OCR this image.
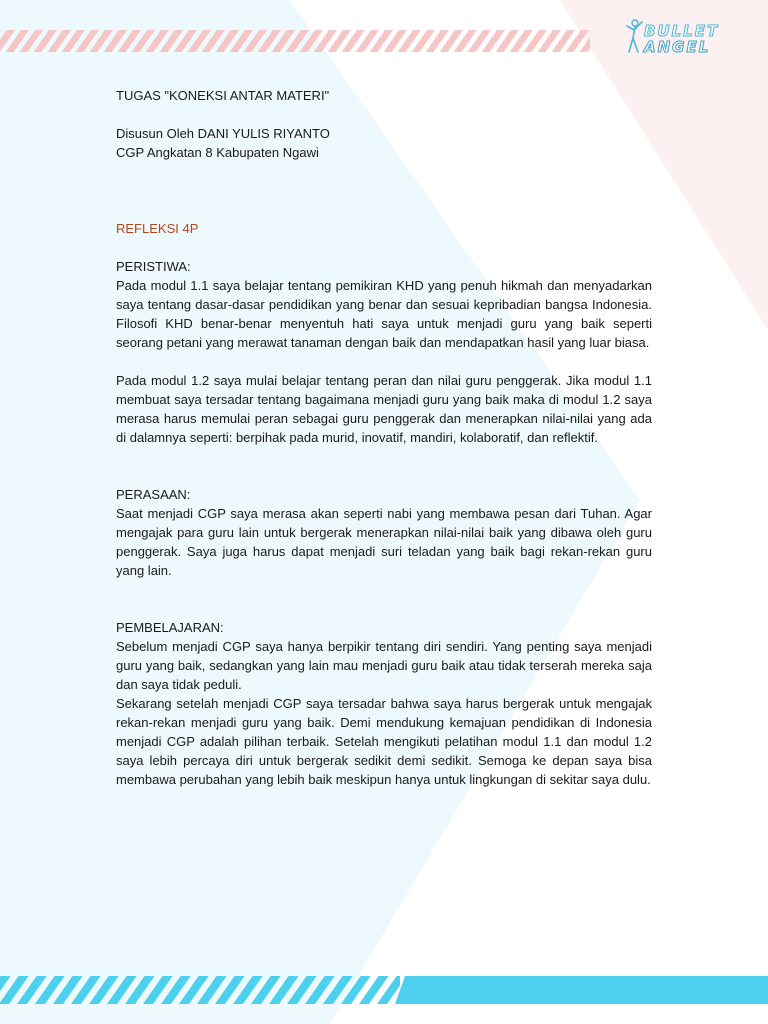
BULLET
ANGEL

TUGAS "KONEKSI ANTAR MATERI"

Disusun Oleh DANI YULIS RIYANTO

CGP Angkatan 8 Kabupaten Ngawi

REFLEKSI 4P

PERISTIWA:

Pada modul 1.1 saya belajar tentang pemikiran KHD yang penuh hikmah dan menyadarkan saya tentang dasar-dasar pendidikan yang benar dan sesuai kepribadian bangsa Indonesia. Filosofi KHD benar-benar menyentuh hati saya untuk menjadi guru yang baik seperti seorang petani yang merawat tanaman dengan baik dan mendapatkan hasil yang luar biasa.

Pada modul 1.2 saya mulai belajar tentang peran dan nilai guru penggerak. Jika modul 1.1 membuat saya tersadar tentang bagaimana menjadi guru yang baik maka di modul 1.2 saya merasa harus memulai peran sebagai guru penggerak dan menerapkan nilai-nilai yang ada di dalamnya seperti: berpihak pada murid, inovatif, mandiri, kolaboratif, dan reflektif.

PERASAAN:

Saat menjadi CGP saya merasa akan seperti nabi yang membawa pesan dari Tuhan. Agar mengajak para guru lain untuk bergerak menerapkan nilai-nilai baik yang dibawa oleh guru penggerak. Saya juga harus dapat menjadi suri teladan yang baik bagi rekan-rekan guru yang lain.

PEMBELAJARAN:

Sebelum menjadi CGP saya hanya berpikir tentang diri sendiri. Yang penting saya menjadi guru yang baik, sedangkan yang lain mau menjadi guru baik atau tidak terserah mereka saja dan saya tidak peduli.

Sekarang setelah menjadi CGP saya tersadar bahwa saya harus bergerak untuk mengajak rekan-rekan menjadi guru yang baik. Demi mendukung kemajuan pendidikan di Indonesia menjadi CGP adalah pilihan terbaik. Setelah mengikuti pelatihan modul 1.1 dan modul 1.2 saya lebih percaya diri untuk bergerak sedikit demi sedikit. Semoga ke depan saya bisa membawa perubahan yang lebih baik meskipun hanya untuk lingkungan di sekitar saya dulu.
